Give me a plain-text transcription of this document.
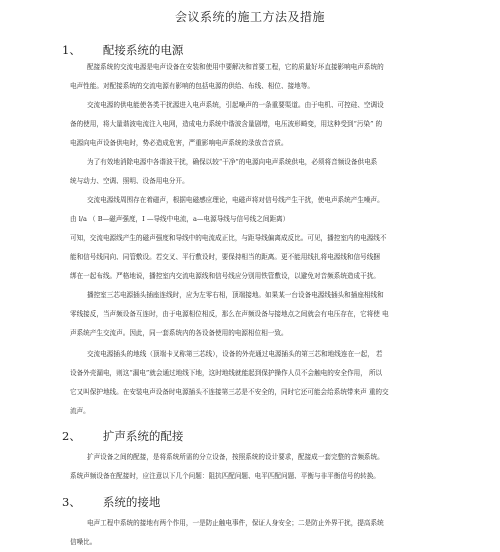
会议系统的施工方法及措施
1、 配接系统的电源
配接系统的交流电源是电声设备在安装和使用中要解决和首要工程，它的质量好坏直接影响电声系统的
电声性能。对配接系统的交流电源有影响的包括电源的供给、布线、相位、接地等。
交流电源的供电能使各类干扰源进入电声系统，引起噪声的一条重要渠道。由于电机、可控硅、空调设
备的使用，将大量谐波电流注入电网，造成电力系统中谐波含量剧增，电压波形畸变，用这种受到“污染” 的
电源向电声设备供电时，势必造成危害，严重影响电声系统的录放音音质。
为了有效地消除电源中各谐波干扰，确保以较“干净”的电源向电声系统供电，必须将音频设备供电系
统与动力、空调、照明、设备用电分开。
交流电源线周围存在着磁声，根据电磁感应理论，电磁声将对信号线产生干扰，使电声系统产生噪声。
由 l/a （ B—磁声强度，I —导线中电流，a—电源导线与信号线之间距离）
可知，交流电源线产生的磁声强度和导线中的电流成正比，与距导线偏离成反比。可见，播控室内的电源线不
能和信号线同向、同管敷设。若交叉、平行敷设时，要保持相当的距离。更不能用线扎将电源线和信号线捆
绑在一起布线。严格地说，播控室内交流电源线和信号线应分别用铁管敷设，以避免对音频系统造成干扰。
播控室三芯电源插头插座连线时，应为左零右相，顶端接地。如果某一台设备电源线插头和插座相线和
零线接反，当声频设备互连时，由于电源相位相反，那么在声频设备与接地点之间就会有电压存在，它将使 电
声系统产生交流声。因此，同一套系统内的各设备使用的电源相位相一致。
交流电源插头的地线（顶端卡叉称第三芯线），设备的外壳通过电源插头的第三芯和地线连在一起， 若
设备外壳漏电，则这“漏电”就会通过地线下地，这时地线就能起到保护操作人员不会触电的安全作用， 所以
它又叫保护地线。在安装电声设备时电源插头不连接第三芯是不安全的，同时它还可能会给系统带来声 重的交
流声。
2、 扩声系统的配接
扩声设备之间的配接，是将系统所需的分立设备，按照系统的设计要求，配接成一套完整的音频系统。
系统声频设备在配接时，应注意以下几个问题：阻抗匹配问题、电平匹配问题、平衡与非平衡信号的转换。
3、 系统的接地
电声工程中系统的接地有两个作用，一是防止触电事件，保证人身安全；二是防止外界干扰，提高系统
信噪比。
